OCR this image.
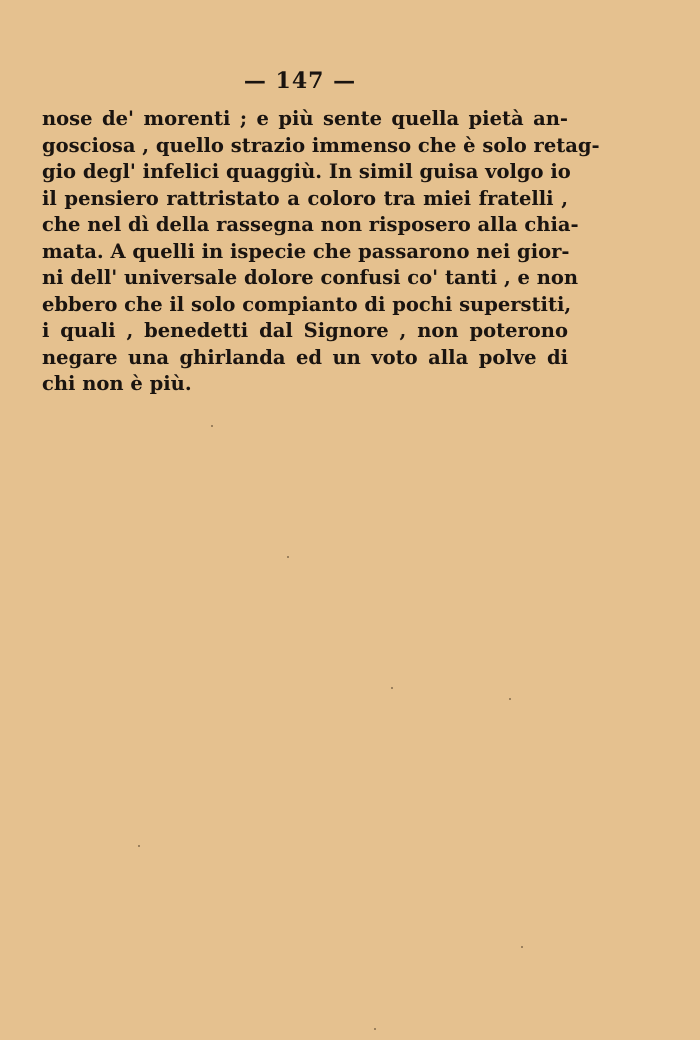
— 147 —
nose de' morenti ; e più sente quella pietà an-
gosciosa , quello strazio immenso che è solo retag-
gio degl' infelici quaggiù. In simil guisa volgo io
il pensiero rattristato a coloro tra miei fratelli ,
che nel dì della rassegna non risposero alla chia-
mata. A quelli in ispecie che passarono nei gior-
ni dell' universale dolore confusi co' tanti , e non
ebbero che il solo compianto di pochi superstiti,
i quali , benedetti dal Signore , non poterono
negare una ghirlanda ed un voto alla polve di
chi non è più.
